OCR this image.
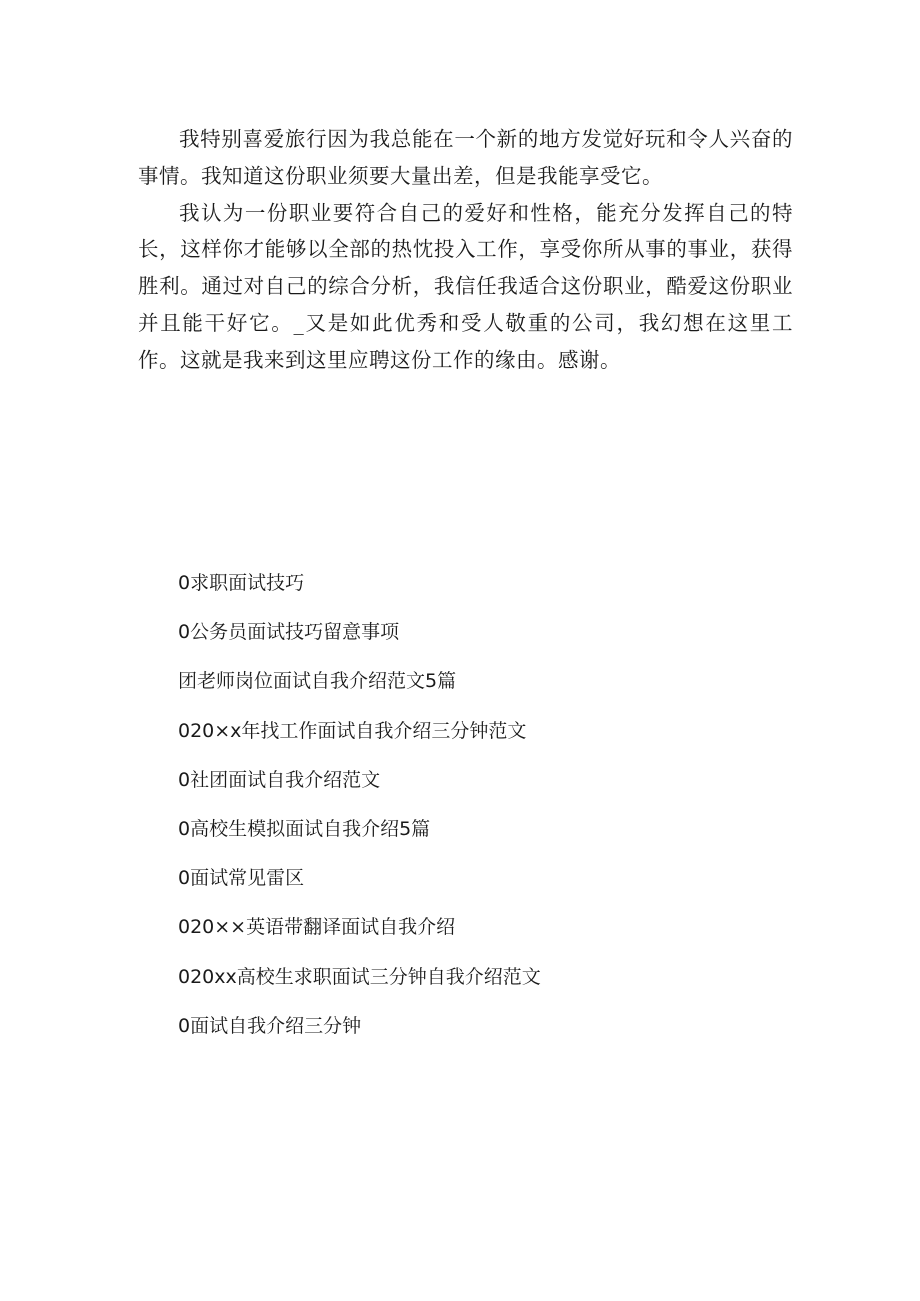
我特别喜爱旅行因为我总能在一个新的地方发觉好玩和令人兴奋的事情。我知道这份职业须要大量出差，但是我能享受它。

我认为一份职业要符合自己的爱好和性格，能充分发挥自己的特长，这样你才能够以全部的热忱投入工作，享受你所从事的事业，获得胜利。通过对自己的综合分析，我信任我适合这份职业，酷爱这份职业并且能干好它。_又是如此优秀和受人敬重的公司，我幻想在这里工作。这就是我来到这里应聘这份工作的缘由。感谢。

0求职面试技巧
0公务员面试技巧留意事项
团老师岗位面试自我介绍范文5篇
020×x年找工作面试自我介绍三分钟范文
0社团面试自我介绍范文
0高校生模拟面试自我介绍5篇
0面试常见雷区
020××英语带翻译面试自我介绍
020xx高校生求职面试三分钟自我介绍范文
0面试自我介绍三分钟
